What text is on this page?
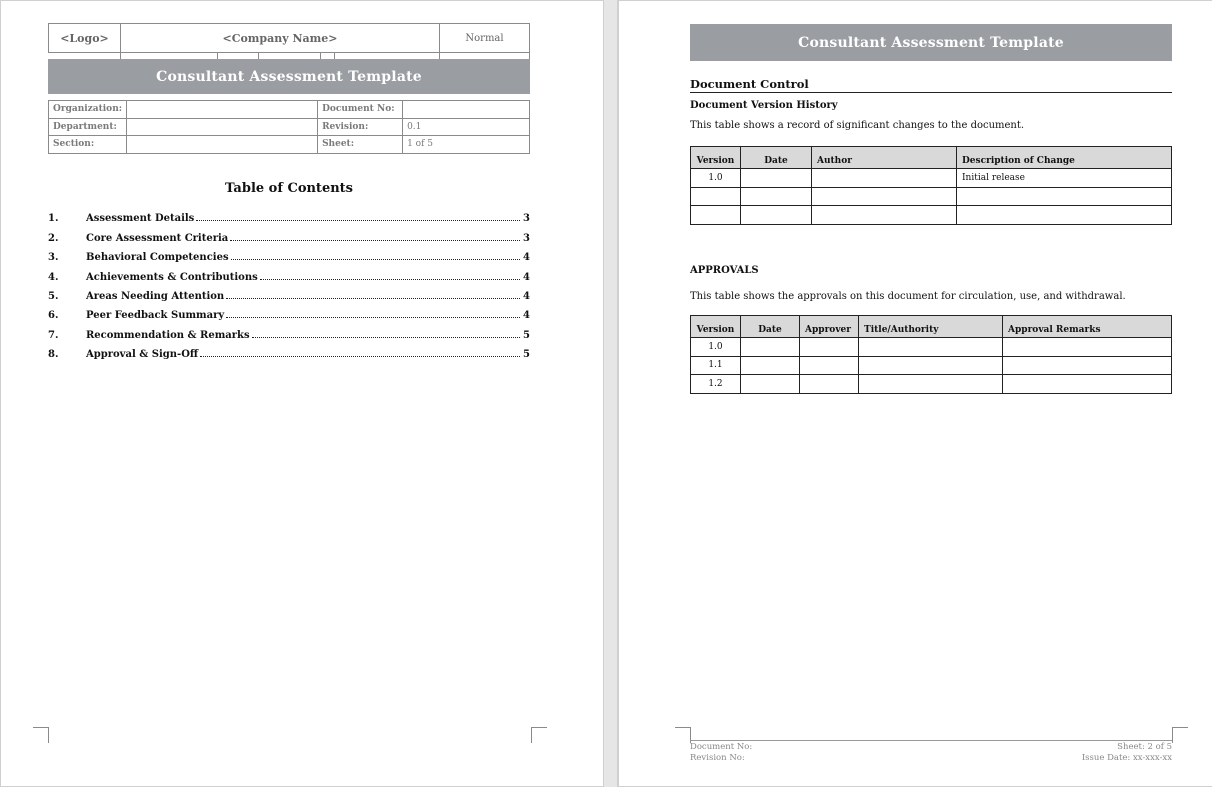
<Logo>	<Company Name>	Normal
Consultant Assessment Template
Organization:		Document No:	
Department:		Revision:	0.1
Section:		Sheet:	1 of 5
Table of Contents
1.	Assessment Details	3
2.	Core Assessment Criteria	3
3.	Behavioral Competencies	4
4.	Achievements & Contributions	4
5.	Areas Needing Attention	4
6.	Peer Feedback Summary	4
7.	Recommendation & Remarks	5
8.	Approval & Sign-Off	5
Consultant Assessment Template
Document Control
Document Version History
This table shows a record of significant changes to the document.
Version	Date	Author	Description of Change
1.0			Initial release

APPROVALS
This table shows the approvals on this document for circulation, use, and withdrawal.
Version	Date	Approver	Title/Authority	Approval Remarks
1.0				
1.1				
1.2				
Document No:
Revision No:
Sheet: 2 of 5
Issue Date: xx-xxx-xx
